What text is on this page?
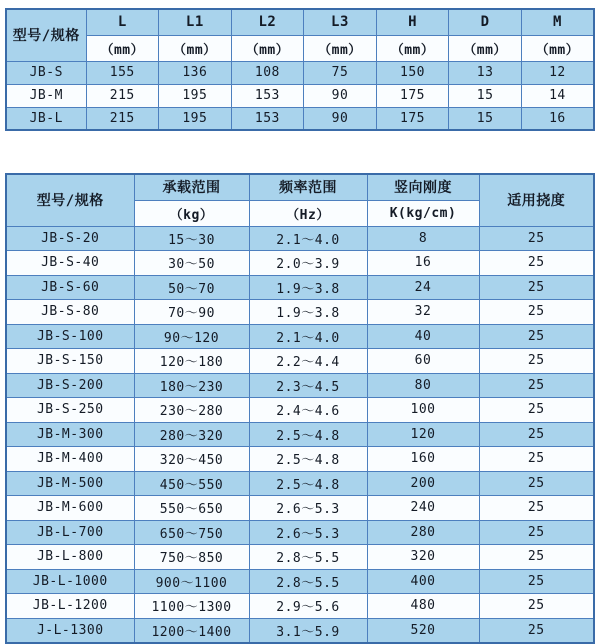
型号/规格	L	L1	L2	L3	H	D	M
	（mm）	（mm）	（mm）	（mm）	（mm）	（mm）	（mm）
JB-S	155	136	108	75	150	13	12
JB-M	215	195	153	90	175	15	14
JB-L	215	195	153	90	175	15	16
型号/规格	承载范围	频率范围	竖向刚度	适用挠度
	（kg）	（Hz）	K(kg/cm)	
JB-S-20	15～30	2.1～4.0	8	25
JB-S-40	30～50	2.0～3.9	16	25
JB-S-60	50～70	1.9～3.8	24	25
JB-S-80	70～90	1.9～3.8	32	25
JB-S-100	90～120	2.1～4.0	40	25
JB-S-150	120～180	2.2～4.4	60	25
JB-S-200	180～230	2.3～4.5	80	25
JB-S-250	230～280	2.4～4.6	100	25
JB-M-300	280～320	2.5～4.8	120	25
JB-M-400	320～450	2.5～4.8	160	25
JB-M-500	450～550	2.5～4.8	200	25
JB-M-600	550～650	2.6～5.3	240	25
JB-L-700	650～750	2.6～5.3	280	25
JB-L-800	750～850	2.8～5.5	320	25
JB-L-1000	900～1100	2.8～5.5	400	25
JB-L-1200	1100～1300	2.9～5.6	480	25
J-L-1300	1200～1400	3.1～5.9	520	25
